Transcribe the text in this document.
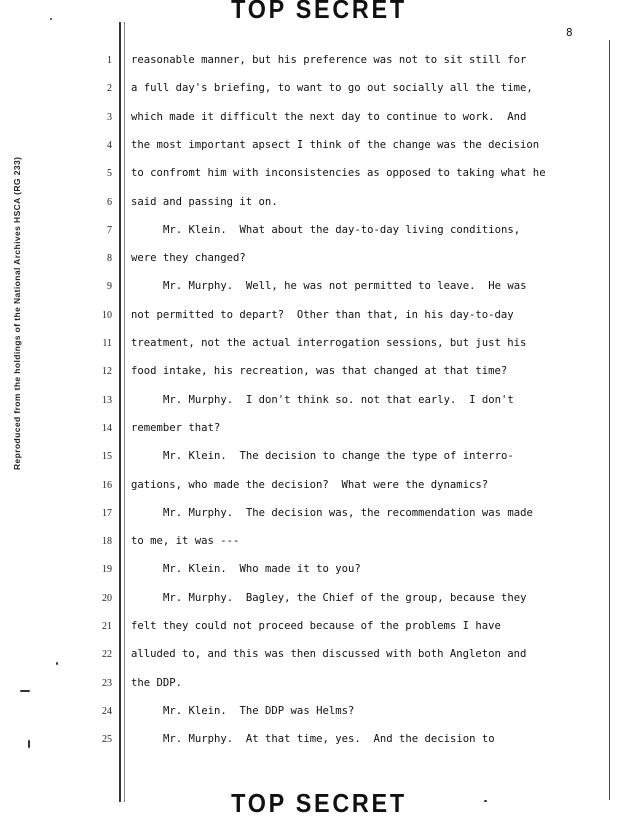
TOP SECRET
8
Reproduced from the holdings of the National Archives HSCA (RG 233)
1 reasonable manner, but his preference was not to sit still for
2 a full day's briefing, to want to go out socially all the time,
3 which made it difficult the next day to continue to work.  And
4 the most important apsect I think of the change was the decision
5 to confromt him with inconsistencies as opposed to taking what he
6 said and passing it on.
7	Mr. Klein.  What about the day-to-day living conditions,
8 were they changed?
9	Mr. Murphy.  Well, he was not permitted to leave.  He was
10 not permitted to depart?  Other than that, in his day-to-day
11 treatment, not the actual interrogation sessions, but just his
12 food intake, his recreation, was that changed at that time?
13	Mr. Murphy.  I don't think so. not that early.  I don't
14 remember that?
15	Mr. Klein.  The decision to change the type of interro-
16 gations, who made the decision?  What were the dynamics?
17	Mr. Murphy.  The decision was, the recommendation was made
18 to me, it was ---
19	Mr. Klein.  Who made it to you?
20	Mr. Murphy.  Bagley, the Chief of the group, because they
21 felt they could not proceed because of the problems I have
22 alluded to, and this was then discussed with both Angleton and
23 the DDP.
24	Mr. Klein.  The DDP was Helms?
25	Mr. Murphy.  At that time, yes.  And the decision to
TOP SECRET
